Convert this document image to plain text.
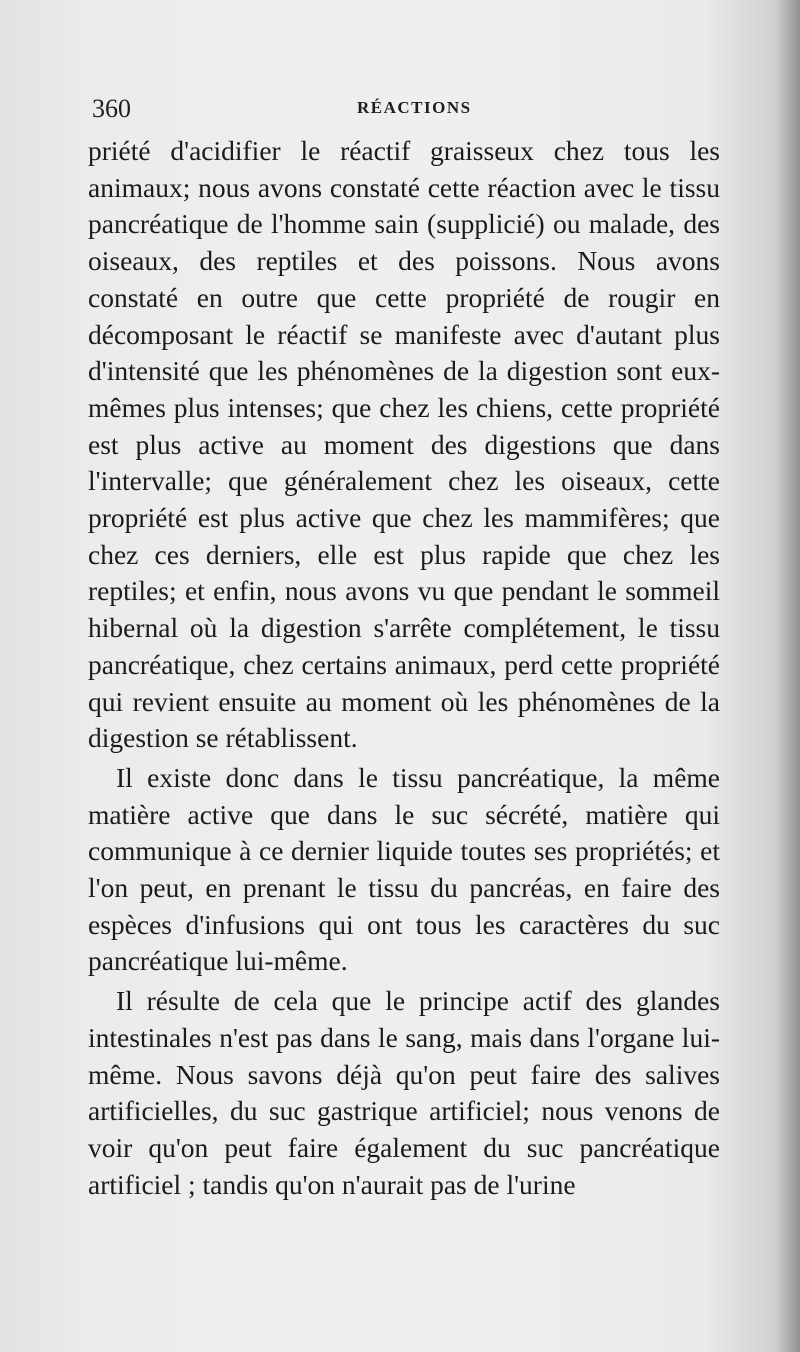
360	RÉACTIONS

priété d'acidifier le réactif graisseux chez tous les animaux; nous avons constaté cette réaction avec le tissu pancréatique de l'homme sain (supplicié) ou malade, des oiseaux, des reptiles et des poissons. Nous avons constaté en outre que cette propriété de rougir en décomposant le réactif se manifeste avec d'autant plus d'intensité que les phénomènes de la digestion sont eux-mêmes plus intenses; que chez les chiens, cette propriété est plus active au moment des digestions que dans l'intervalle; que généralement chez les oiseaux, cette propriété est plus active que chez les mammifères; que chez ces derniers, elle est plus rapide que chez les reptiles; et enfin, nous avons vu que pendant le sommeil hibernal où la digestion s'arrête complétement, le tissu pancréatique, chez certains animaux, perd cette propriété qui revient ensuite au moment où les phénomènes de la digestion se rétablissent.

Il existe donc dans le tissu pancréatique, la même matière active que dans le suc sécrété, matière qui communique à ce dernier liquide toutes ses propriétés; et l'on peut, en prenant le tissu du pancréas, en faire des espèces d'infusions qui ont tous les caractères du suc pancréatique lui-même.

Il résulte de cela que le principe actif des glandes intestinales n'est pas dans le sang, mais dans l'organe lui-même. Nous savons déjà qu'on peut faire des salives artificielles, du suc gastrique artificiel; nous venons de voir qu'on peut faire également du suc pancréatique artificiel ; tandis qu'on n'aurait pas de l'urine
